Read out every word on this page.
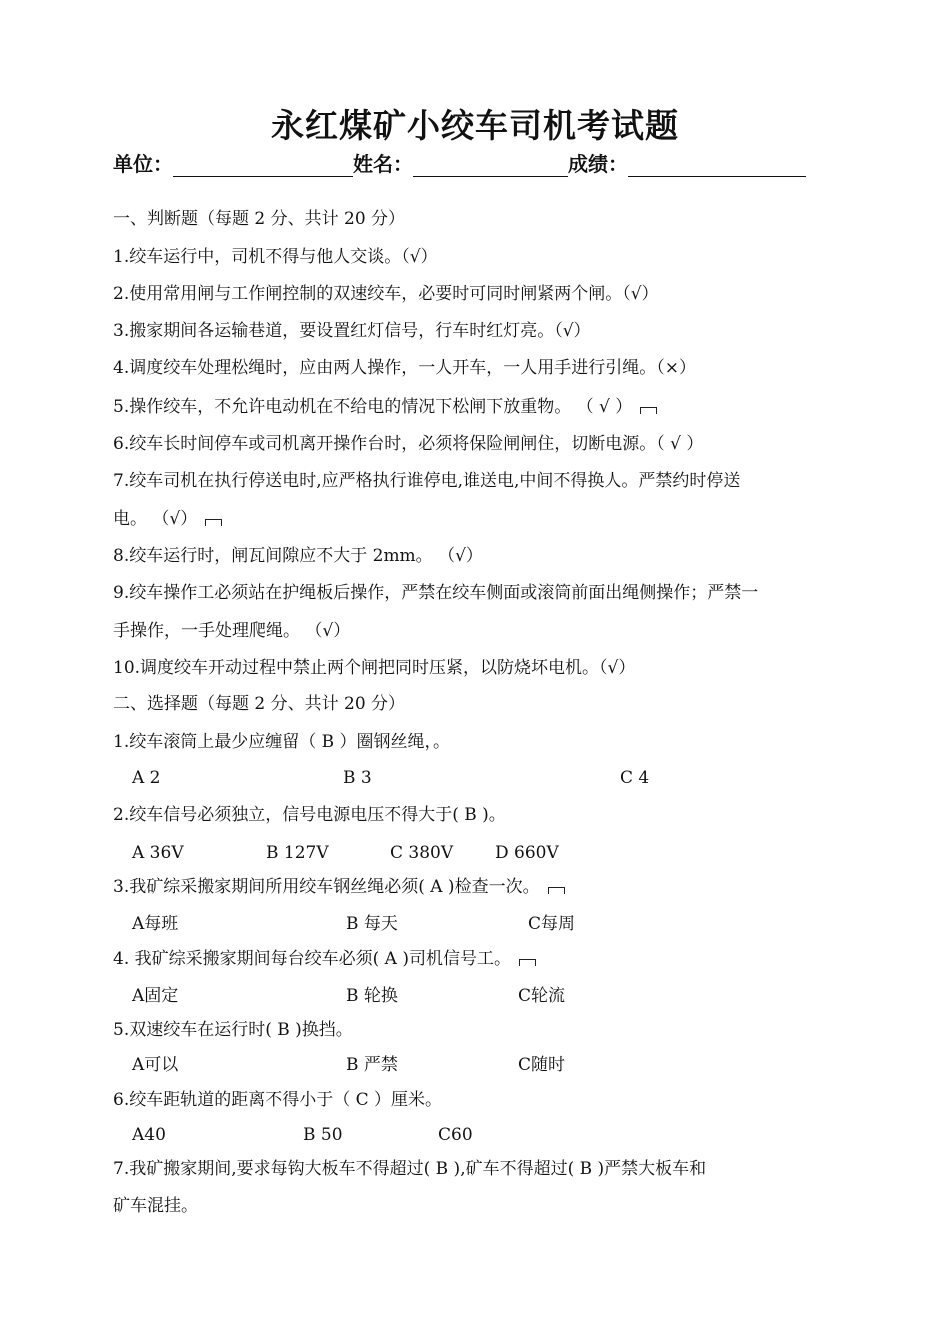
永红煤矿小绞车司机考试题
单位：	姓名：	成绩：
一、判断题（每题 2 分、共计 20 分）
1.绞车运行中，司机不得与他人交谈。（√）
2.使用常用闸与工作闸控制的双速绞车，必要时可同时闸紧两个闸。（√）
3.搬家期间各运输巷道，要设置红灯信号，行车时红灯亮。（√）
4.调度绞车处理松绳时，应由两人操作，一人开车，一人用手进行引绳。（×）
5.操作绞车，不允许电动机在不给电的情况下松闸下放重物。 （ √ ）
6.绞车长时间停车或司机离开操作台时，必须将保险闸闸住，切断电源。（ √ ）
7.绞车司机在执行停送电时,应严格执行谁停电,谁送电,中间不得换人。严禁约时停送
电。 （√）
8.绞车运行时，闸瓦间隙应不大于 2mm。 （√）
9.绞车操作工必须站在护绳板后操作，严禁在绞车侧面或滚筒前面出绳侧操作；严禁一
手操作，一手处理爬绳。 （√）
10.调度绞车开动过程中禁止两个闸把同时压紧，以防烧坏电机。（√）
二、选择题（每题 2 分、共计 20 分）
1.绞车滚筒上最少应缠留（ B ）圈钢丝绳，。
A 2	B 3	C 4
2.绞车信号必须独立，信号电源电压不得大于( B )。
A 36V	B 127V	C 380V D 660V
3.我矿综采搬家期间所用绞车钢丝绳必须( A )检查一次。
A每班	B 每天	C每周
4. 我矿综采搬家期间每台绞车必须( A )司机信号工。
A固定	B 轮换	C轮流
5.双速绞车在运行时( B )换挡。
A可以	B 严禁	C随时
6.绞车距轨道的距离不得小于（ C ）厘米。
A40	B 50	C60
7.我矿搬家期间,要求每钩大板车不得超过( B ),矿车不得超过( B )严禁大板车和
矿车混挂。
